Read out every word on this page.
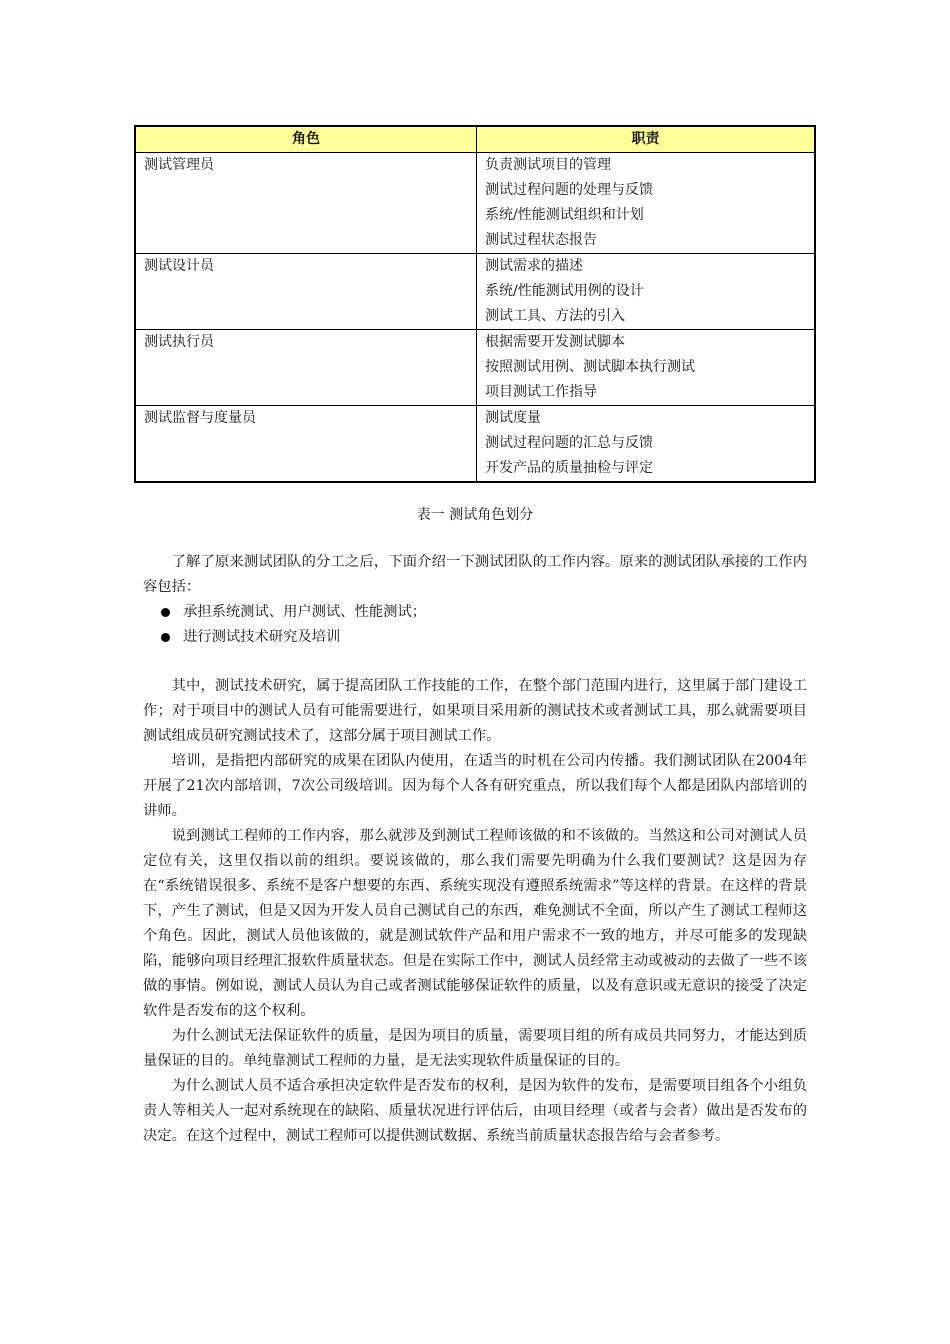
角色	职责
测试管理员	负责测试项目的管理
测试过程问题的处理与反馈
系统/性能测试组织和计划
测试过程状态报告

测试设计员	测试需求的描述
系统/性能测试用例的设计
测试工具、方法的引入

测试执行员	根据需要开发测试脚本
按照测试用例、测试脚本执行测试
项目测试工作指导

测试监督与度量员	测试度量
测试过程问题的汇总与反馈
开发产品的质量抽检与评定
表一 测试角色划分

了解了原来测试团队的分工之后，下面介绍一下测试团队的工作内容。原来的测试团队承接的工作内容包括：

承担系统测试、用户测试、性能测试；
进行测试技术研究及培训

其中，测试技术研究，属于提高团队工作技能的工作，在整个部门范围内进行，这里属于部门建设工作；对于项目中的测试人员有可能需要进行，如果项目采用新的测试技术或者测试工具，那么就需要项目测试组成员研究测试技术了，这部分属于项目测试工作。

培训，是指把内部研究的成果在团队内使用，在适当的时机在公司内传播。我们测试团队在2004年开展了21次内部培训，7次公司级培训。因为每个人各有研究重点，所以我们每个人都是团队内部培训的讲师。

说到测试工程师的工作内容，那么就涉及到测试工程师该做的和不该做的。当然这和公司对测试人员定位有关，这里仅指以前的组织。要说该做的，那么我们需要先明确为什么我们要测试？这是因为存在“系统错误很多、系统不是客户想要的东西、系统实现没有遵照系统需求”等这样的背景。在这样的背景下，产生了测试，但是又因为开发人员自己测试自己的东西，难免测试不全面，所以产生了测试工程师这个角色。因此，测试人员他该做的，就是测试软件产品和用户需求不一致的地方，并尽可能多的发现缺陷，能够向项目经理汇报软件质量状态。但是在实际工作中，测试人员经常主动或被动的去做了一些不该做的事情。例如说，测试人员认为自己或者测试能够保证软件的质量，以及有意识或无意识的接受了决定软件是否发布的这个权利。

为什么测试无法保证软件的质量，是因为项目的质量，需要项目组的所有成员共同努力，才能达到质量保证的目的。单纯靠测试工程师的力量，是无法实现软件质量保证的目的。

为什么测试人员不适合承担决定软件是否发布的权利，是因为软件的发布，是需要项目组各个小组负责人等相关人一起对系统现在的缺陷、质量状况进行评估后，由项目经理（或者与会者）做出是否发布的决定。在这个过程中，测试工程师可以提供测试数据、系统当前质量状态报告给与会者参考。
